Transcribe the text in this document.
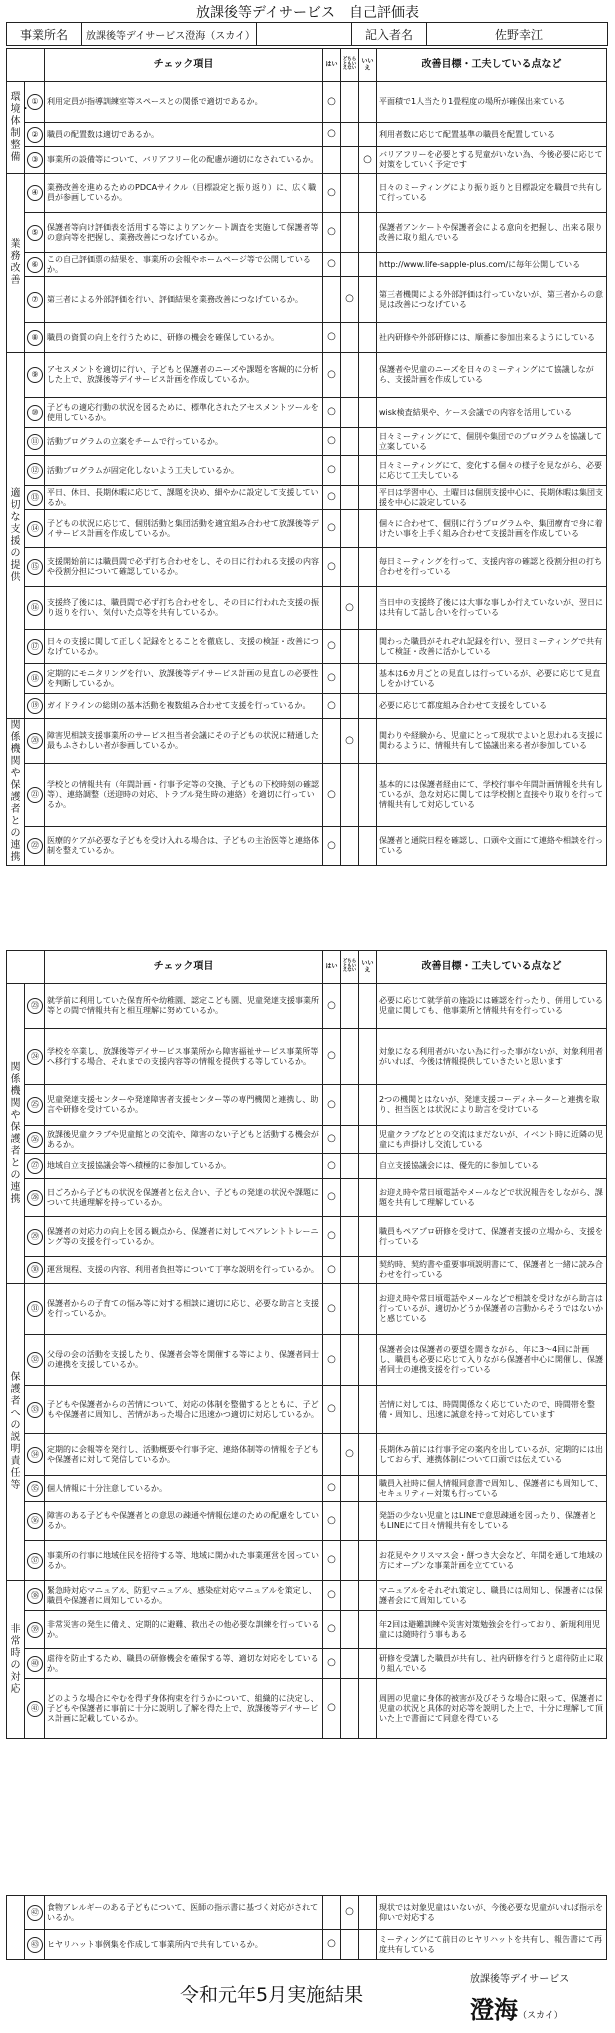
放課後等デイサービス　自己評価表
事業所名	放課後等デイサービス澄海（スカイ）	記入者名	佐野幸江
		チェック項目	はい	どちらともいえない	いいえ	改善目標・工夫している点など

環境・体制整備	①	利用定員が指導訓練室等スペースとの関係で適切であるか。	○			平面積で1人当たり1畳程度の場所が確保出来ている
	②	職員の配置数は適切であるか。	○			利用者数に応じて配置基準の職員を配置している
	③	事業所の設備等について、バリアフリー化の配慮が適切になされているか。			○	バリアフリーを必要とする児童がいない為、今後必要に応じて対策をしていく予定です

業務改善	④	業務改善を進めるためのPDCAサイクル（目標設定と振り返り）に、広く職員が参画しているか。	○			日々のミーティングにより振り返りと目標設定を職員で共有して行っている
	⑤	保護者等向け評価表を活用する等によりアンケート調査を実施して保護者等の意向等を把握し、業務改善につなげているか。	○			保護者アンケートや保護者会による意向を把握し、出来る限り改善に取り組んでいる
	⑥	この自己評価票の結果を、事業所の会報やホームページ等で公開しているか。	○			http://www.life-sapple-plus.com/に毎年公開している
	⑦	第三者による外部評価を行い、評価結果を業務改善につなげているか。		○		第三者機関による外部評価は行っていないが、第三者からの意見は改善につなげている
	⑧	職員の資質の向上を行うために、研修の機会を確保しているか。	○			社内研修や外部研修には、順番に参加出来るようにしている

適切な支援の提供	⑨	アセスメントを適切に行い、子どもと保護者のニーズや課題を客観的に分析した上で、放課後等デイサービス計画を作成しているか。	○			保護者や児童のニーズを日々のミーティングにて協議しながら、支援計画を作成している
	⑩	子どもの適応行動の状況を図るために、標準化されたアセスメントツールを使用しているか。	○			wisk検査結果や、ケース会議での内容を活用している
	⑪	活動プログラムの立案をチームで行っているか。	○			日々ミーティングにて、個別や集団でのプログラムを協議して立案している
	⑫	活動プログラムが固定化しないよう工夫しているか。	○			日々ミーティングにて、変化する個々の様子を見ながら、必要に応じて工夫している
	⑬	平日、休日、長期休暇に応じて、課題を決め、細やかに設定して支援しているか。	○			平日は学習中心、土曜日は個別支援中心に、長期休暇は集団支援を中心に設定している
	⑭	子どもの状況に応じて、個別活動と集団活動を適宜組み合わせて放課後等デイサービス計画を作成しているか。	○			個々に合わせて、個別に行うプログラムや、集団療育で身に着けたい事を上手く組み合わせて支援計画を作成している
	⑮	支援開始前には職員間で必ず打ち合わせをし、その日に行われる支援の内容や役割分担について確認しているか。	○			毎日ミーティングを行って、支援内容の確認と役割分担の打ち合わせを行っている
	⑯	支援終了後には、職員間で必ず打ち合わせをし、その日に行われた支援の振り返りを行い、気付いた点等を共有しているか。		○		当日中の支援終了後には大事な事しか行えていないが、翌日には共有して話し合いを行っている
	⑰	日々の支援に関して正しく記録をとることを徹底し、支援の検証・改善につなげているか。	○			関わった職員がそれぞれ記録を行い、翌日ミーティングで共有して検証・改善に活かしている
	⑱	定期的にモニタリングを行い、放課後等デイサービス計画の見直しの必要性を判断しているか。	○			基本は6カ月ごとの見直しは行っているが、必要に応じて見直しをかけている
	⑲	ガイドラインの総則の基本活動を複数組み合わせて支援を行っているか。	○			必要に応じて都度組み合わせて支援をしている

関係機関や保護者との連携	⑳	障害児相談支援事業所のサービス担当者会議にその子どもの状況に精通した最もふさわしい者が参画しているか。		○		関わりや経験から、児童にとって現状でよいと思われる支援に関わるように、情報共有して協議出来る者が参加している
	㉑	学校との情報共有（年間計画・行事予定等の交換、子どもの下校時刻の確認等）、連絡調整（送迎時の対応、トラブル発生時の連絡）を適切に行っているか。	○			基本的には保護者経由にて、学校行事や年間計画情報を共有しているが、急な対応に関しては学校側と直接やり取りを行って情報共有して対応している
	㉒	医療的ケアが必要な子どもを受け入れる場合は、子どもの主治医等と連絡体制を整えているか。	○			保護者と通院日程を確認し、口頭や文面にて連絡や相談を行っている
		チェック項目	はい	どちらともいえない	いいえ	改善目標・工夫している点など

関係機関や保護者との連携	㉓	就学前に利用していた保育所や幼稚園、認定こども園、児童発達支援事業所等との間で情報共有と相互理解に努めているか。	○			必要に応じて就学前の施設には確認を行ったり、併用している児童に関しても、他事業所と情報共有を行っている
	㉔	学校を卒業し、放課後等デイサービス事業所から障害福祉サービス事業所等へ移行する場合、それまでの支援内容等の情報を提供する等しているか。	○			対象になる利用者がいない為に行った事がないが、対象利用者がいれば、今後は情報提供していきたいと思います
	㉕	児童発達支援センターや発達障害者支援センター等の専門機関と連携し、助言や研修を受けているか。	○			2つの機関とはないが、発達支援コーディネーターと連携を取り、担当医とは状況により助言を受けている
	㉖	放課後児童クラブや児童館との交流や、障害のない子どもと活動する機会があるか。	○			児童クラブなどとの交流はまだないが、イベント時に近隣の児童にも声掛けし交流している
	㉗	地域自立支援協議会等へ積極的に参加しているか。	○			自立支援協議会には、優先的に参加している
	㉘	日ごろから子どもの状況を保護者と伝え合い、子どもの発達の状況や課題について共通理解を持っているか。	○			お迎え時や常日頃電話やメールなどで状況報告をしながら、課題を共有して理解している
	㉙	保護者の対応力の向上を図る観点から、保護者に対してペアレントトレーニング等の支援を行っているか。	○			職員もペアプロ研修を受けて、保護者支援の立場から、支援を行っている
	㉚	運営規程、支援の内容、利用者負担等について丁寧な説明を行っているか。	○			契約時、契約書や重要事項説明書にて、保護者と一緒に読み合わせを行っている

保護者への説明責任等	㉛	保護者からの子育ての悩み等に対する相談に適切に応じ、必要な助言と支援を行っているか。	○			お迎え時や常日頃電話やメールなどで相談を受けながら助言は行っているが、適切かどうか保護者の言動からそうではないかと感じている
	㉜	父母の会の活動を支援したり、保護者会等を開催する等により、保護者同士の連携を支援しているか。	○			保護者会は保護者の要望を聞きながら、年に3〜4回に計画し、職員も必要に応じて入りながら保護者中心に開催し、保護者同士の連携支援を行っている
	㉝	子どもや保護者からの苦情について、対応の体制を整備するとともに、子どもや保護者に周知し、苦情があった場合に迅速かつ適切に対応しているか。	○			苦情に対しては、時間関係なく応じていたので、時間帯を整備・周知し、迅速に誠意を持って対応しています
	㉞	定期的に会報等を発行し、活動概要や行事予定、連絡体制等の情報を子どもや保護者に対して発信しているか。		○		長期休み前には行事予定の案内を出しているが、定期的には出しておらず、連携体制について口頭では伝えている
	㉟	個人情報に十分注意しているか。	○			職員入社時に個人情報同意書で周知し、保護者にも周知して、セキュリティー対策も行っている
	㊱	障害のある子どもや保護者との意思の疎通や情報伝達のための配慮をしているか。	○			発語の少ない児童とはLINEで意思疎通を図ったり、保護者ともLINEにて日々情報共有をしている
	㊲	事業所の行事に地域住民を招待する等、地域に開かれた事業運営を図っているか。	○			お花見やクリスマス会・餅つき大会など、年間を通して地域の方にオープンな事業計画を立てている

非常時の対応	㊳	緊急時対応マニュアル、防犯マニュアル、感染症対応マニュアルを策定し、職員や保護者に周知しているか。	○			マニュアルをそれぞれ策定し、職員には周知し、保護者には保護者会にて周知している
	㊴	非常災害の発生に備え、定期的に避難、救出その他必要な訓練を行っているか。	○			年2回は避難訓練や災害対策勉強会を行っており、新規利用児童には随時行う事もある
	㊵	虐待を防止するため、職員の研修機会を確保する等、適切な対応をしているか。	○			研修を受講した職員が共有し、社内研修を行うと虐待防止に取り組んでいる
	㊶	どのような場合にやむを得ず身体拘束を行うかについて、組織的に決定し、子どもや保護者に事前に十分に説明し了解を得た上で、放課後等デイサービス計画に記載しているか。	○			周囲の児童に身体的被害が及びそうな場合に限って、保護者に児童の状況と具体的対応等を説明した上で、十分に理解して頂いた上で書面にて同意を得ている
	㊷	食物アレルギーのある子どもについて、医師の指示書に基づく対応がされているか。		○		現状では対象児童はいないが、今後必要な児童がいれば指示を仰いで対応する
	㊸	ヒヤリハット事例集を作成して事業所内で共有しているか。	○			ミーティングにて前日のヒヤリハットを共有し、報告書にて再度共有している
令和元年5月実施結果
放課後等デイサービス
澄海（スカイ）
